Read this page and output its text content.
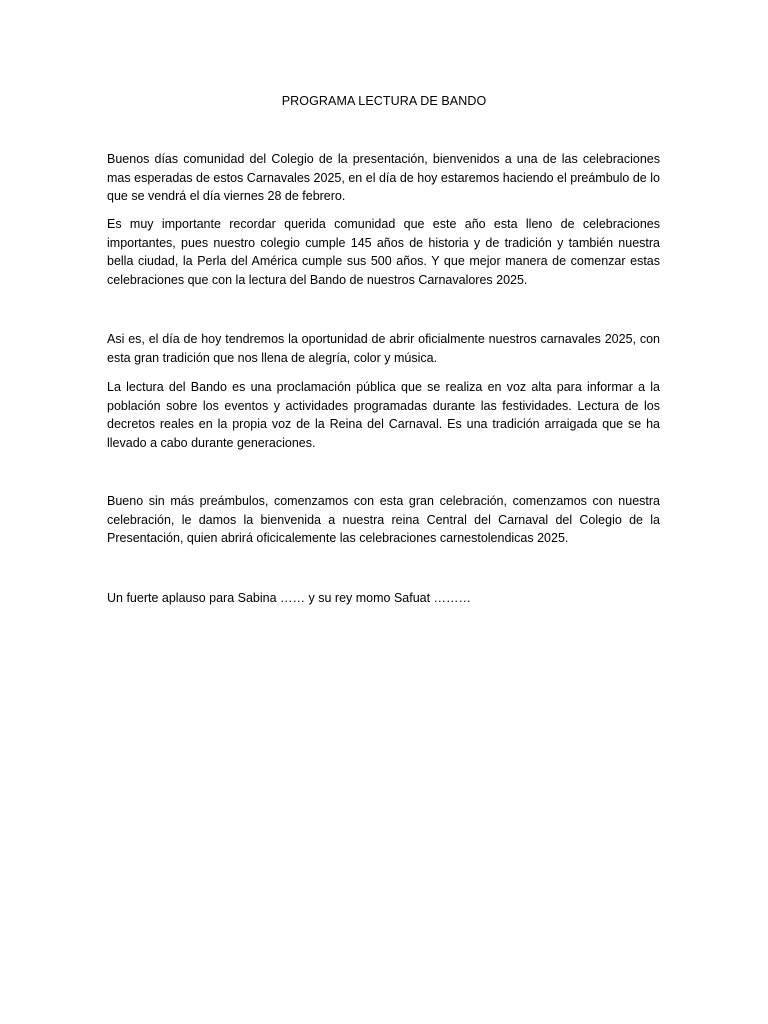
PROGRAMA LECTURA DE BANDO

Buenos días comunidad del Colegio de la presentación, bienvenidos a una de las celebraciones mas esperadas de estos Carnavales 2025, en el día de hoy estaremos haciendo el preámbulo de lo que se vendrá el día viernes 28 de febrero.

Es muy importante recordar querida comunidad que este año esta lleno de celebraciones importantes, pues nuestro colegio cumple 145 años de historia y de tradición y también nuestra bella ciudad, la Perla del América cumple sus 500 años. Y que mejor manera de comenzar estas celebraciones que con la lectura del Bando de nuestros Carnavalores 2025.

Asi es, el día de hoy tendremos la oportunidad de abrir oficialmente nuestros carnavales 2025, con esta gran tradición que nos llena de alegría, color y música.

La lectura del Bando es una proclamación pública que se realiza en voz alta para informar a la población sobre los eventos y actividades programadas durante las festividades. Lectura de los decretos reales en la propia voz de la Reina del Carnaval. Es una tradición arraigada que se ha llevado a cabo durante generaciones.

Bueno sin más preámbulos, comenzamos con esta gran celebración, comenzamos con nuestra celebración, le damos la bienvenida a nuestra reina Central del Carnaval del Colegio de la Presentación, quien abrirá oficicalemente las celebraciones carnestolendicas 2025.

Un fuerte aplauso para Sabina …… y su rey momo Safuat ………
